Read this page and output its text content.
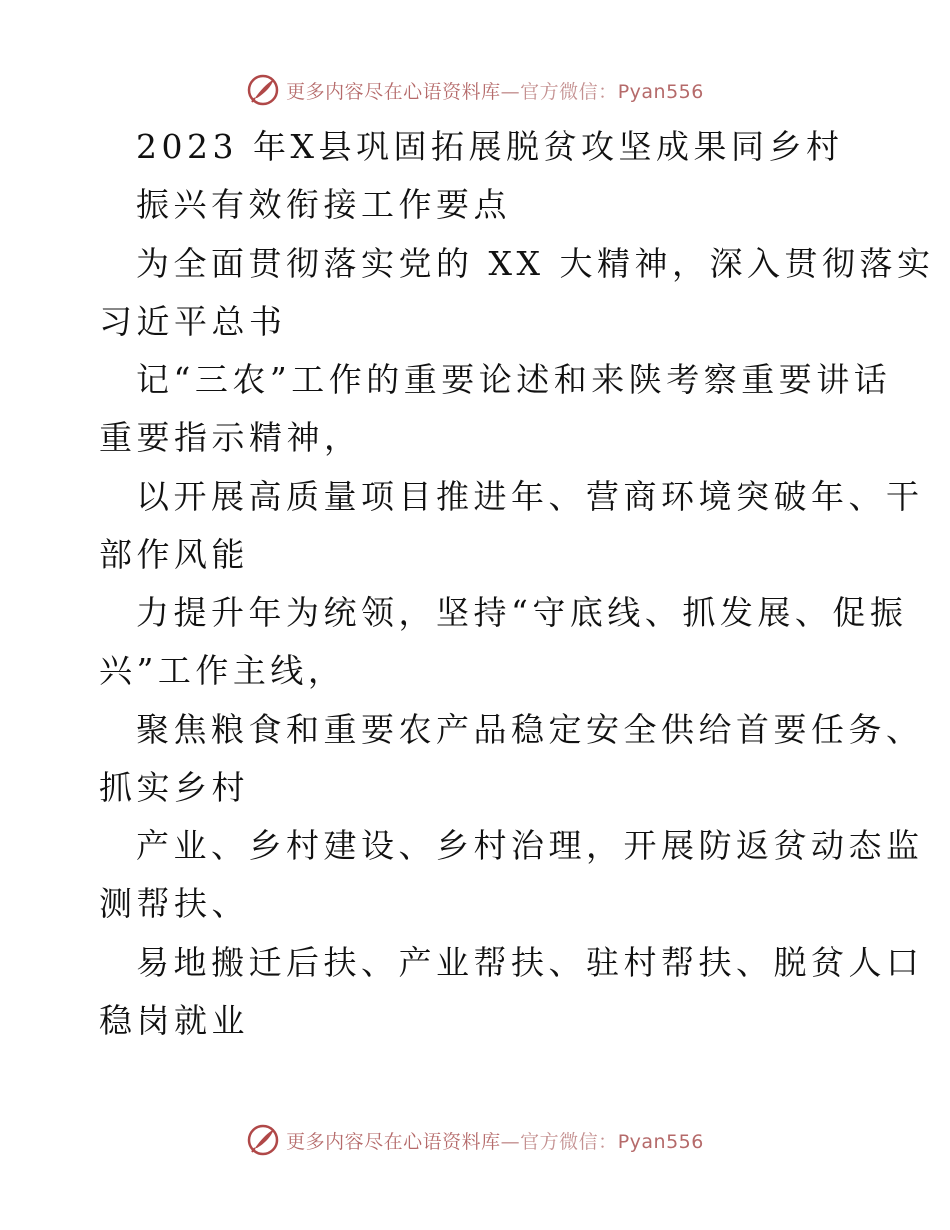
更多内容尽在心语资料库—官方微信：Pyan556
2023 年X县巩固拓展脱贫攻坚成果同乡村
振兴有效衔接工作要点
为全面贯彻落实党的 XX 大精神，深入贯彻落实
习近平总书
记“三农”工作的重要论述和来陕考察重要讲话
重要指示精神，
以开展高质量项目推进年、营商环境突破年、干
部作风能
力提升年为统领，坚持“守底线、抓发展、促振
兴”工作主线，
聚焦粮食和重要农产品稳定安全供给首要任务、
抓实乡村
产业、乡村建设、乡村治理，开展防返贫动态监
测帮扶、
易地搬迁后扶、产业帮扶、驻村帮扶、脱贫人口
稳岗就业
更多内容尽在心语资料库—官方微信：Pyan556
